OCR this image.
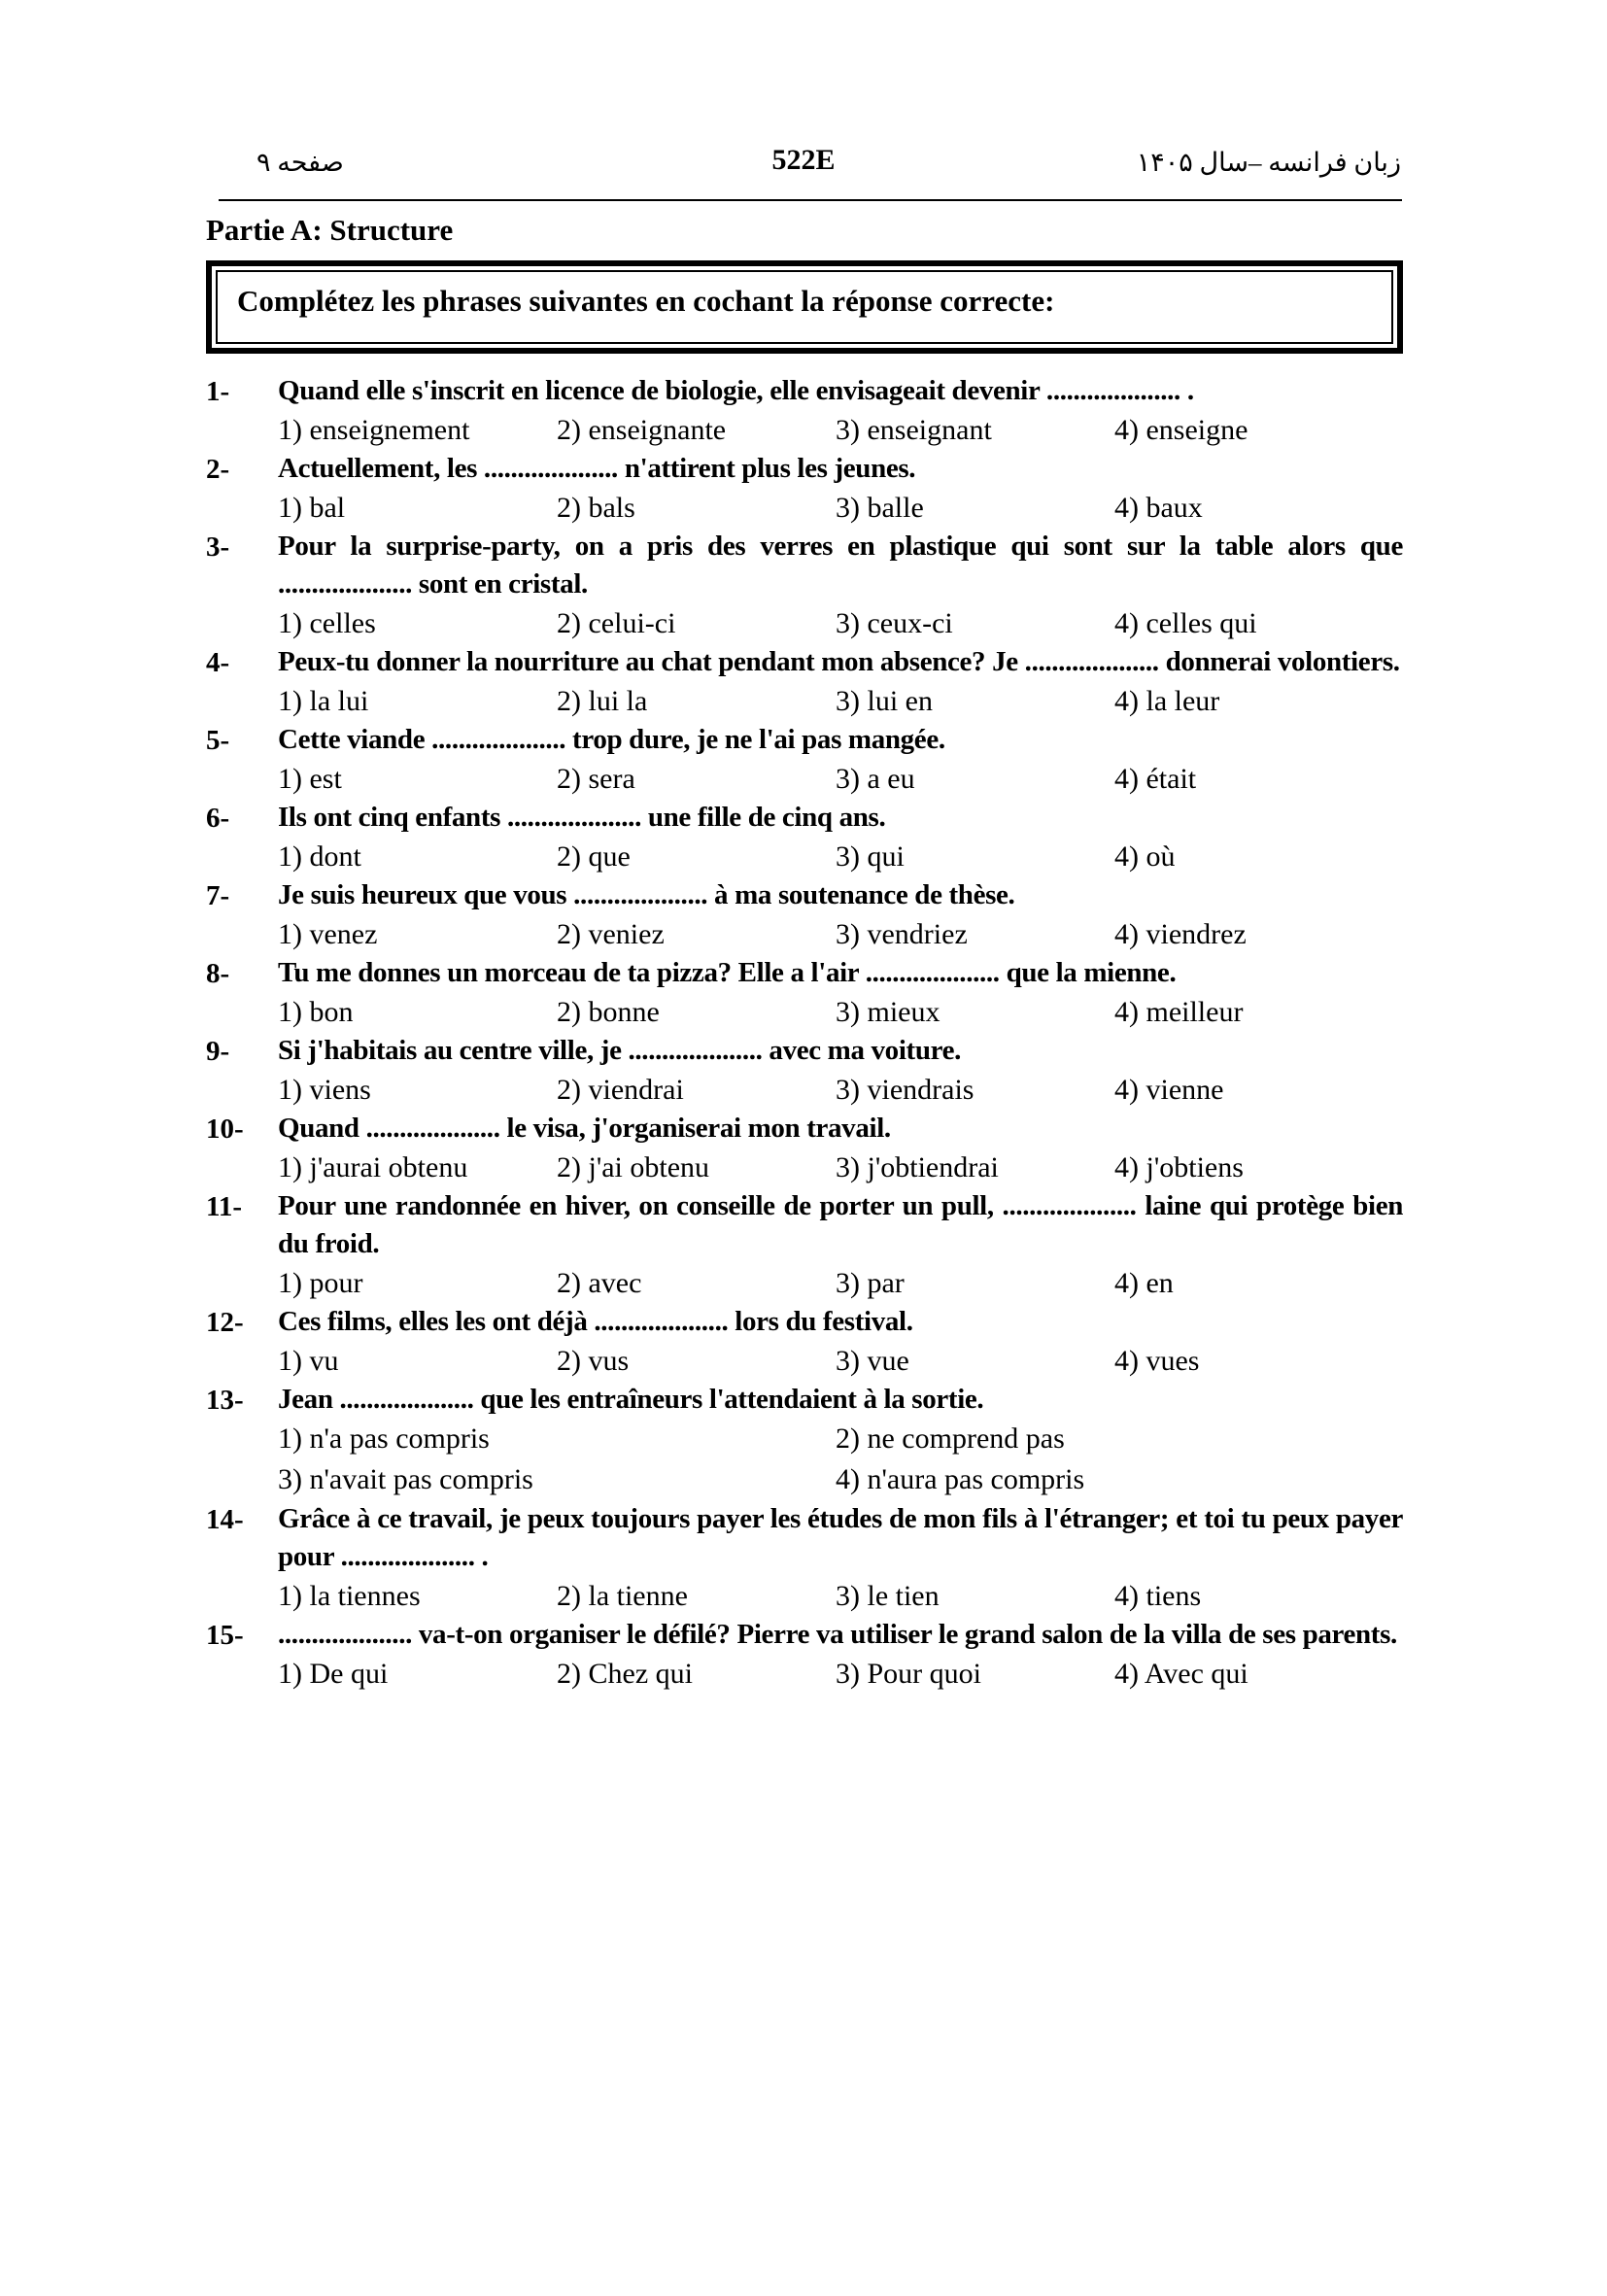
صفحه ۹	522E	زبان فرانسه –سال ۱۴۰۵
Partie A: Structure
Complétez les phrases suivantes en cochant la réponse correcte:
1- Quand elle s'inscrit en licence de biologie, elle envisageait devenir .................... .
1) enseignement	2) enseignante	3) enseignant	4) enseigne
2- Actuellement, les .................... n'attirent plus les jeunes.
1) bal	2) bals	3) balle	4) baux
3- Pour la surprise-party, on a pris des verres en plastique qui sont sur la table alors que .................... sont en cristal.
1) celles	2) celui-ci	3) ceux-ci	4) celles qui
4- Peux-tu donner la nourriture au chat pendant mon absence? Je .................... donnerai volontiers.
1) la lui	2) lui la	3) lui en	4) la leur
5- Cette viande .................... trop dure, je ne l'ai pas mangée.
1) est	2) sera	3) a eu	4) était
6- Ils ont cinq enfants .................... une fille de cinq ans.
1) dont	2) que	3) qui	4) où
7- Je suis heureux que vous .................... à ma soutenance de thèse.
1) venez	2) veniez	3) vendriez	4) viendrez
8- Tu me donnes un morceau de ta pizza? Elle a l'air .................... que la mienne.
1) bon	2) bonne	3) mieux	4) meilleur
9- Si j'habitais au centre ville, je .................... avec ma voiture.
1) viens	2) viendrai	3) viendrais	4) vienne
10- Quand .................... le visa, j'organiserai mon travail.
1) j'aurai obtenu	2) j'ai obtenu	3) j'obtiendrai	4) j'obtiens
11- Pour une randonnée en hiver, on conseille de porter un pull, .................... laine qui protège bien du froid.
1) pour	2) avec	3) par	4) en
12- Ces films, elles les ont déjà .................... lors du festival.
1) vu	2) vus	3) vue	4) vues
13- Jean .................... que les entraîneurs l'attendaient à la sortie.
1) n'a pas compris	2) ne comprend pas
3) n'avait pas compris	4) n'aura pas compris
14- Grâce à ce travail, je peux toujours payer les études de mon fils à l'étranger; et toi tu peux payer pour .................... .
1) la tiennes	2) la tienne	3) le tien	4) tiens
15- .................... va-t-on organiser le défilé? Pierre va utiliser le grand salon de la villa de ses parents.
1) De qui	2) Chez qui	3) Pour quoi	4) Avec qui
